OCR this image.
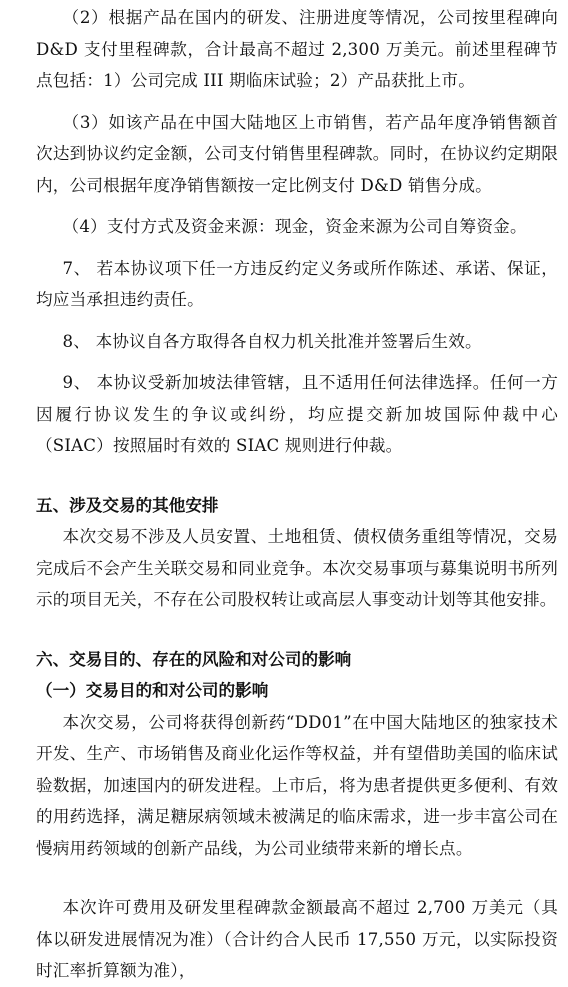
（2）根据产品在国内的研发、注册进度等情况，公司按里程碑向 D&D 支付里程碑款，合计最高不超过 2,300 万美元。前述里程碑节点包括：1）公司完成 III 期临床试验；2）产品获批上市。

（3）如该产品在中国大陆地区上市销售，若产品年度净销售额首次达到协议约定金额，公司支付销售里程碑款。同时，在协议约定期限内，公司根据年度净销售额按一定比例支付 D&D 销售分成。

（4）支付方式及资金来源：现金，资金来源为公司自筹资金。

7、 若本协议项下任一方违反约定义务或所作陈述、承诺、保证，均应当承担违约责任。

8、 本协议自各方取得各自权力机关批准并签署后生效。

9、 本协议受新加坡法律管辖，且不适用任何法律选择。任何一方因履行协议发生的争议或纠纷，均应提交新加坡国际仲裁中心（SIAC）按照届时有效的 SIAC 规则进行仲裁。

五、涉及交易的其他安排

本次交易不涉及人员安置、土地租赁、债权债务重组等情况，交易完成后不会产生关联交易和同业竞争。本次交易事项与募集说明书所列示的项目无关，不存在公司股权转让或高层人事变动计划等其他安排。

六、交易目的、存在的风险和对公司的影响
（一）交易目的和对公司的影响

本次交易，公司将获得创新药“DD01”在中国大陆地区的独家技术开发、生产、市场销售及商业化运作等权益，并有望借助美国的临床试验数据，加速国内的研发进程。上市后，将为患者提供更多便利、有效的用药选择，满足糖尿病领域未被满足的临床需求，进一步丰富公司在慢病用药领域的创新产品线，为公司业绩带来新的增长点。

本次许可费用及研发里程碑款金额最高不超过 2,700 万美元（具体以研发进展情况为准）（合计约合人民币 17,550 万元，以实际投资时汇率折算额为准），
